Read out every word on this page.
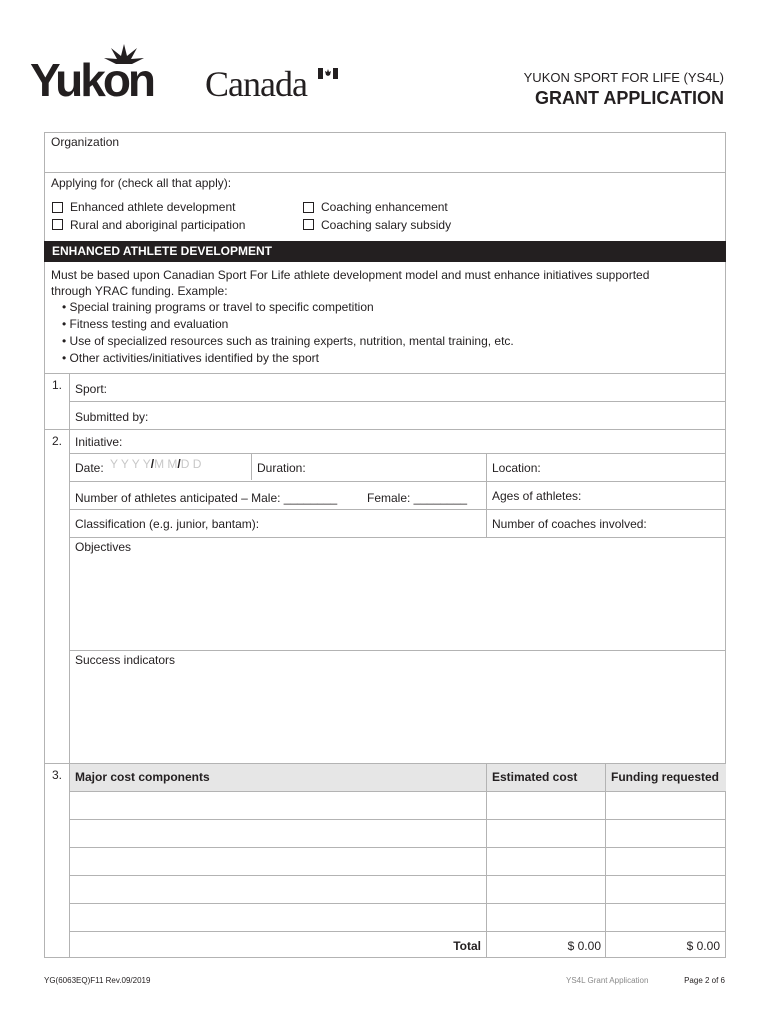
Yukon Canada	YUKON SPORT FOR LIFE (YS4L)
GRANT APPLICATION
Organization
Applying for (check all that apply):
Enhanced athlete development
Rural and aboriginal participation
Coaching enhancement
Coaching salary subsidy
ENHANCED ATHLETE DEVELOPMENT
Must be based upon Canadian Sport For Life athlete development model and must enhance initiatives supported
through YRAC funding. Example:
• Special training programs or travel to specific competition
• Fitness testing and evaluation
• Use of specialized resources such as training experts, nutrition, mental training, etc.
• Other activities/initiatives identified by the sport
1. Sport:
Submitted by:
2. Initiative:
Date: Y Y Y Y/M M/D D	Duration:	Location:
Number of athletes anticipated – Male: ________ Female: ________ Ages of athletes:
Classification (e.g. junior, bantam):	Number of coaches involved:
Objectives
Success indicators
3. Major cost components	Estimated cost	Funding requested
Total	$ 0.00	$ 0.00
YG(6063EQ)F11 Rev.09/2019	YS4L Grant Application	Page 2 of 6
